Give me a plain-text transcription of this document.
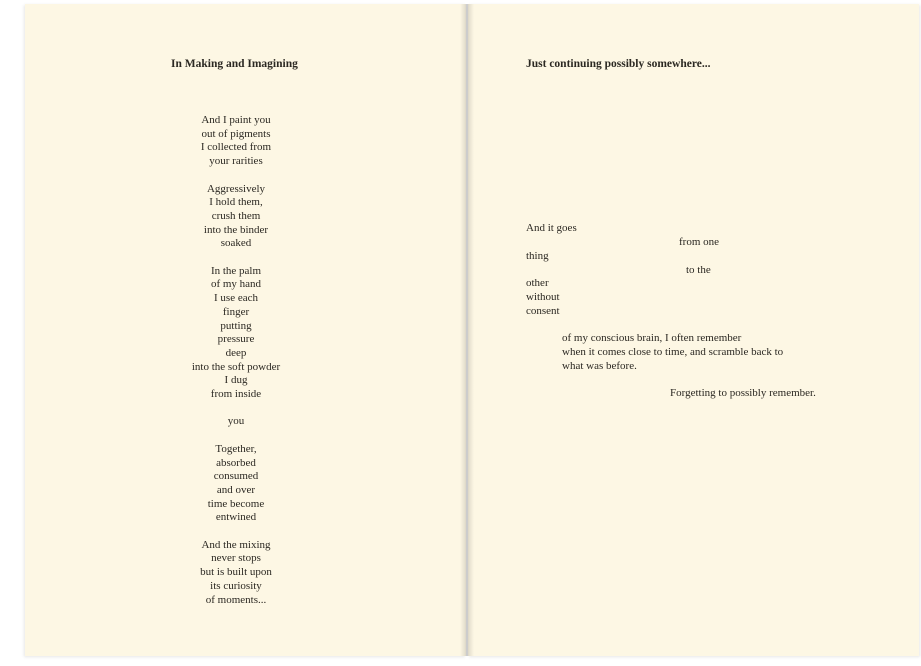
In Making and Imagining
And I paint you
out of pigments
I collected from
your rarities
Aggressively
I hold them,
crush them
into the binder
soaked
In the palm
of my hand
I use each
finger
putting
pressure
deep
into the soft powder
I dug
from inside
you
Together,
absorbed
consumed
and over
time become
entwined
And the mixing
never stops
but is built upon
its curiosity
of moments...
Just continuing possibly somewhere...
And it goes
from one
thing
to the
other
without
consent
of my conscious brain, I often remember
when it comes close to time, and scramble back to
what was before.
Forgetting to possibly remember.
